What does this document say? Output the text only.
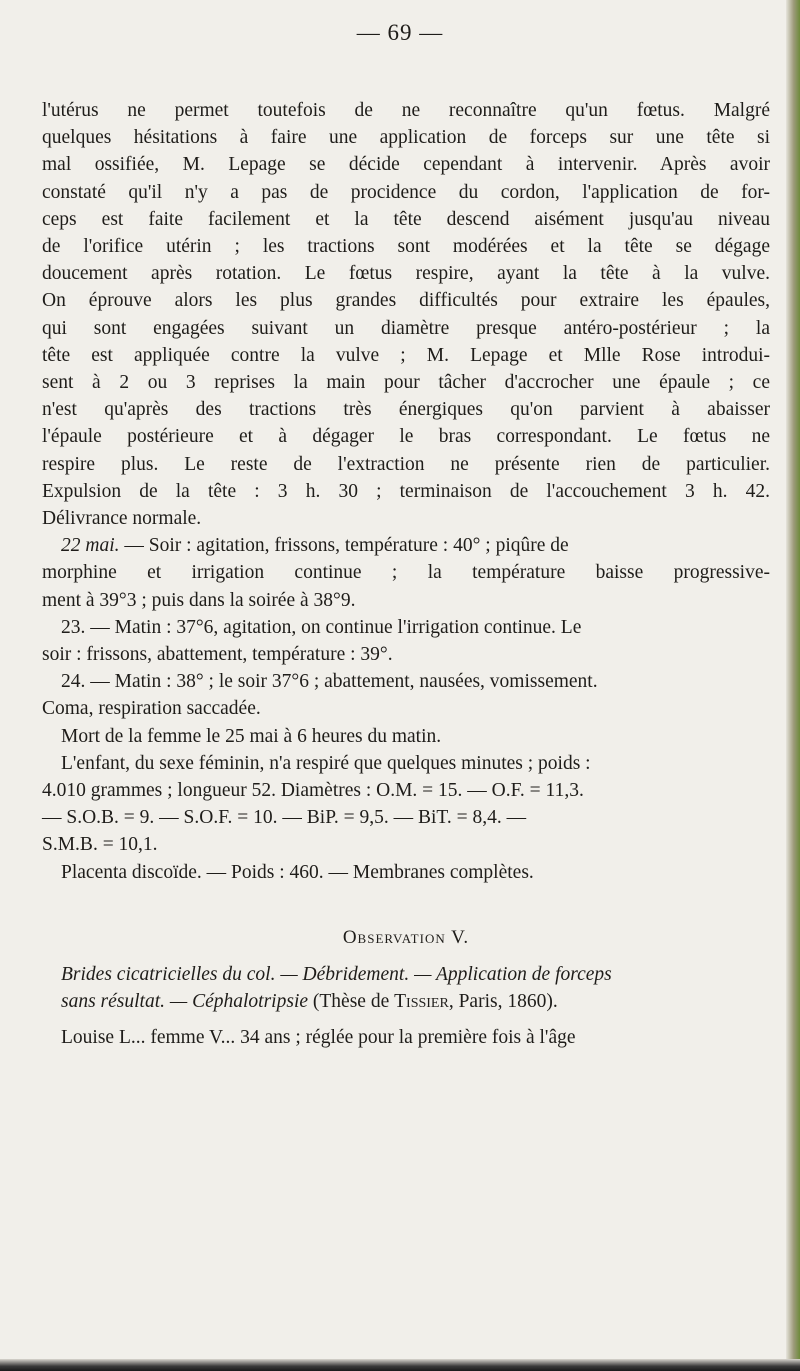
— 69 —
l'utérus ne permet toutefois de ne reconnaître qu'un fœtus. Malgré
quelques hésitations à faire une application de forceps sur une tête si
mal ossifiée, M. Lepage se décide cependant à intervenir. Après avoir
constaté qu'il n'y a pas de procidence du cordon, l'application de for-
ceps est faite facilement et la tête descend aisément jusqu'au niveau
de l'orifice utérin ; les tractions sont modérées et la tête se dégage
doucement après rotation. Le fœtus respire, ayant la tête à la vulve.
On éprouve alors les plus grandes difficultés pour extraire les épaules,
qui sont engagées suivant un diamètre presque antéro-postérieur ; la
tête est appliquée contre la vulve ; M. Lepage et Mlle Rose introdui-
sent à 2 ou 3 reprises la main pour tâcher d'accrocher une épaule ; ce
n'est qu'après des tractions très énergiques qu'on parvient à abaisser
l'épaule postérieure et à dégager le bras correspondant. Le fœtus ne
respire plus. Le reste de l'extraction ne présente rien de particulier.
Expulsion de la tête : 3 h. 30 ; terminaison de l'accouchement 3 h. 42.
Délivrance normale.
22 mai. — Soir : agitation, frissons, température : 40° ; piqûre de
morphine et irrigation continue ; la température baisse progressive-
ment à 39°3 ; puis dans la soirée à 38°9.
23. — Matin : 37°6, agitation, on continue l'irrigation continue. Le
soir : frissons, abattement, température : 39°.
24. — Matin : 38° ; le soir 37°6 ; abattement, nausées, vomissement.
Coma, respiration saccadée.
Mort de la femme le 25 mai à 6 heures du matin.
L'enfant, du sexe féminin, n'a respiré que quelques minutes ; poids :
4.010 grammes ; longueur 52. Diamètres : O.M. = 15. — O.F. = 11,3.
— S.O.B. = 9. — S.O.F. = 10. — BiP. = 9,5. — BiT. = 8,4. —
S.M.B. = 10,1.
Placenta discoïde. — Poids : 460. — Membranes complètes.
Observation V.
Brides cicatricielles du col. — Débridement. — Application de forceps
sans résultat. — Céphalotripsie (Thèse de Tissier, Paris, 1860).
Louise L... femme V... 34 ans ; réglée pour la première fois à l'âge
